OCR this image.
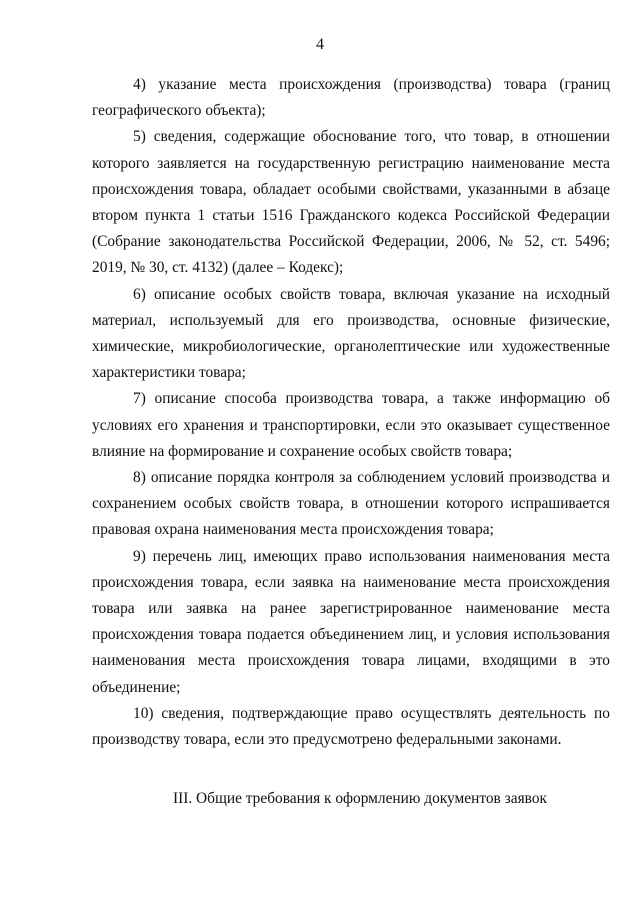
4

4) указание места происхождения (производства) товара (границ географического объекта);

5) сведения, содержащие обоснование того, что товар, в отношении которого заявляется на государственную регистрацию наименование места происхождения товара, обладает особыми свойствами, указанными в абзаце втором пункта 1 статьи 1516 Гражданского кодекса Российской Федерации (Собрание законодательства Российской Федерации, 2006, № 52, ст. 5496; 2019, № 30, ст. 4132) (далее – Кодекс);

6) описание особых свойств товара, включая указание на исходный материал, используемый для его производства, основные физические, химические, микробиологические, органолептические или художественные характеристики товара;

7) описание способа производства товара, а также информацию об условиях его хранения и транспортировки, если это оказывает существенное влияние на формирование и сохранение особых свойств товара;

8) описание порядка контроля за соблюдением условий производства и сохранением особых свойств товара, в отношении которого испрашивается правовая охрана наименования места происхождения товара;

9) перечень лиц, имеющих право использования наименования места происхождения товара, если заявка на наименование места происхождения товара или заявка на ранее зарегистрированное наименование места происхождения товара подается объединением лиц, и условия использования наименования места происхождения товара лицами, входящими в это объединение;

10) сведения, подтверждающие право осуществлять деятельность по производству товара, если это предусмотрено федеральными законами.

III. Общие требования к оформлению документов заявок
